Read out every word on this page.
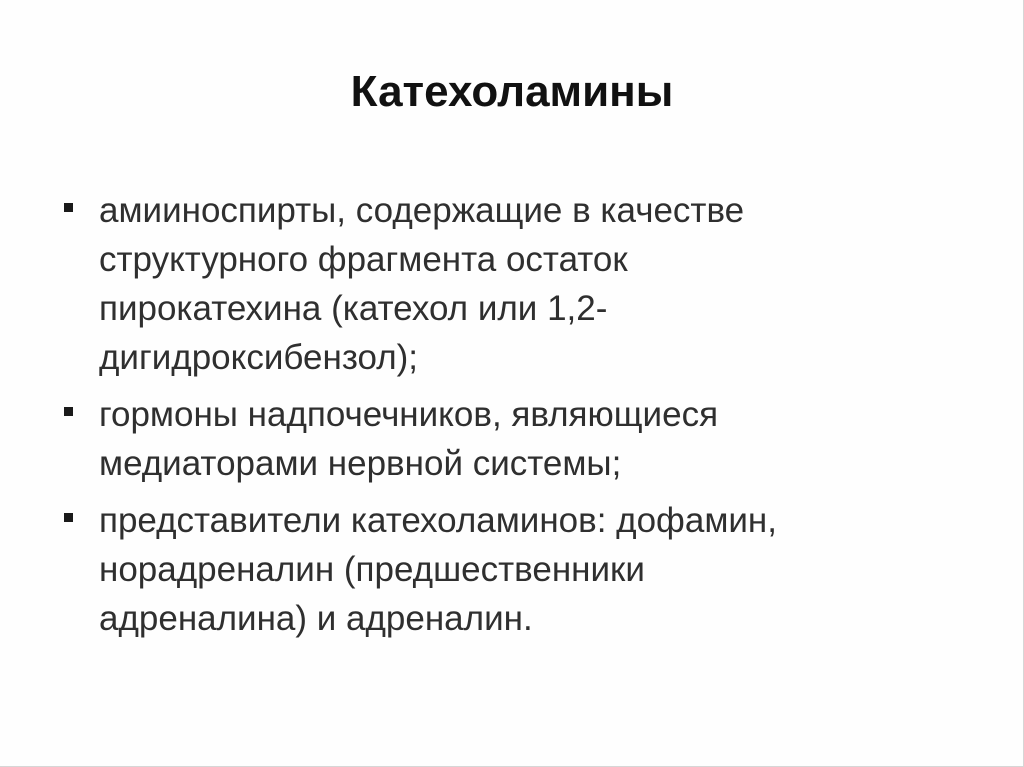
Катехоламины
амииноспирты, содержащие в качестве
структурного фрагмента остаток
пирокатехина (катехол или 1,2-
дигидроксибензол);
гормоны надпочечников, являющиеся
медиаторами нервной системы;
представители катехоламинов: дофамин,
норадреналин (предшественники
адреналина) и адреналин.
